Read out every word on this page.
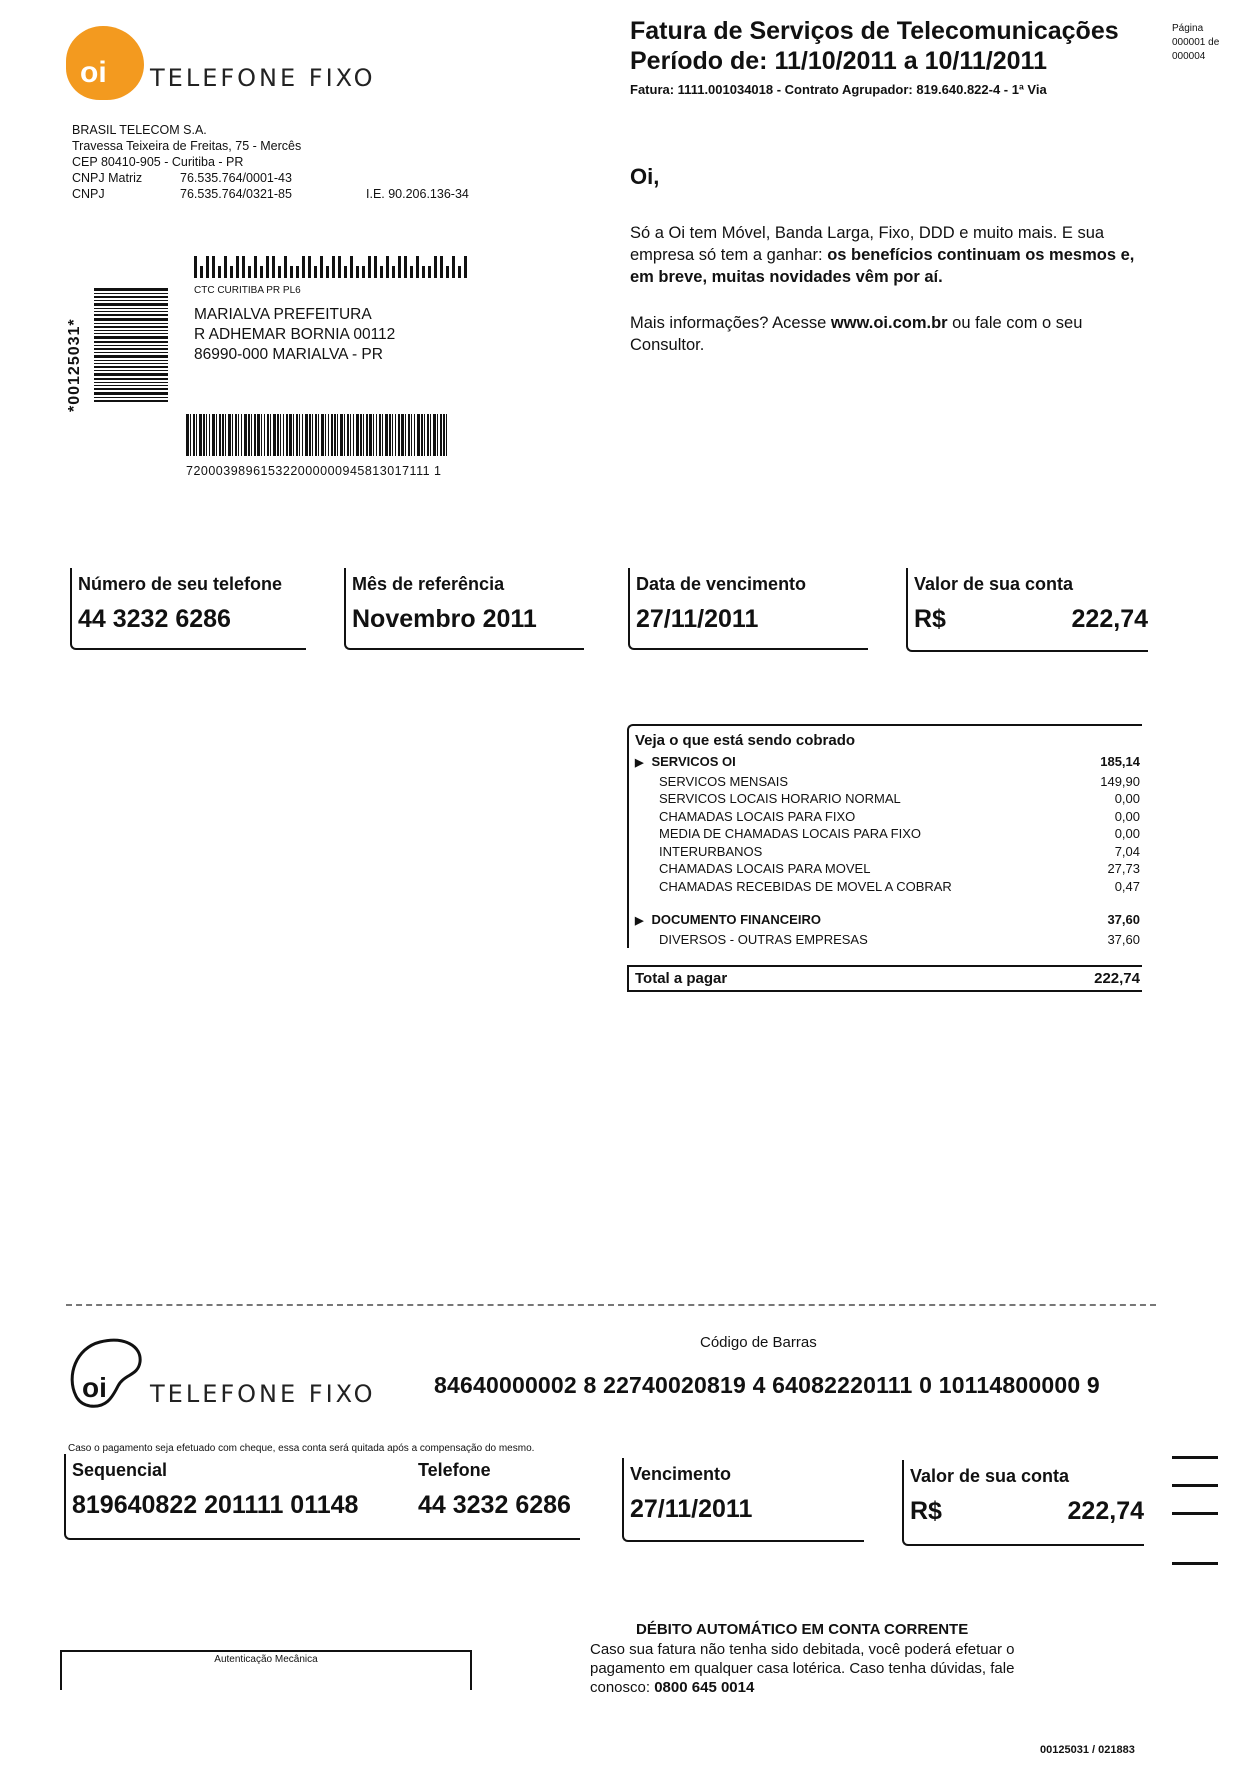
oi TELEFONE FIXO
BRASIL TELECOM S.A.
Travessa Teixeira de Freitas, 75 - Mercês
CEP 80410-905 - Curitiba - PR
CNPJ Matriz	76.535.764/0001-43
CNPJ	76.535.764/0321-85	I.E. 90.206.136-34
Fatura de Serviços de Telecomunicações
Período de: 11/10/2011 a 10/11/2011
Fatura: 1111.001034018 - Contrato Agrupador: 819.640.822-4 - 1ª Via
Página
000001 de
000004
Oi,
Só a Oi tem Móvel, Banda Larga, Fixo, DDD e muito mais. E sua empresa só tem a ganhar: os benefícios continuam os mesmos e, em breve, muitas novidades vêm por aí.
Mais informações? Acesse www.oi.com.br ou fale com o seu Consultor.
CTC CURITIBA PR PL6
MARIALVA PREFEITURA
R ADHEMAR BORNIA 00112
86990-000 MARIALVA - PR
*00125031*
720003989615322000000945813017111 1
Número de seu telefone
44 3232 6286
Mês de referência
Novembro 2011
Data de vencimento
27/11/2011
Valor de sua conta
R$	222,74
Veja o que está sendo cobrado
▶ SERVICOS OI	185,14
SERVICOS MENSAIS	149,90
SERVICOS LOCAIS HORARIO NORMAL	0,00
CHAMADAS LOCAIS PARA FIXO	0,00
MEDIA DE CHAMADAS LOCAIS PARA FIXO	0,00
INTERURBANOS	7,04
CHAMADAS LOCAIS PARA MOVEL	27,73
CHAMADAS RECEBIDAS DE MOVEL A COBRAR	0,47
▶ DOCUMENTO FINANCEIRO	37,60
DIVERSOS - OUTRAS EMPRESAS	37,60
Total a pagar	222,74
oi TELEFONE FIXO
Código de Barras
84640000002 8 22740020819 4 64082220111 0 10114800000 9
Caso o pagamento seja efetuado com cheque, essa conta será quitada após a compensação do mesmo.
Sequencial
819640822 201111 01148
Telefone
44 3232 6286
Vencimento
27/11/2011
Valor de sua conta
R$	222,74
Autenticação Mecânica
DÉBITO AUTOMÁTICO EM CONTA CORRENTE
Caso sua fatura não tenha sido debitada, você poderá efetuar o pagamento em qualquer casa lotérica. Caso tenha dúvidas, fale conosco: 0800 645 0014
00125031 / 021883
